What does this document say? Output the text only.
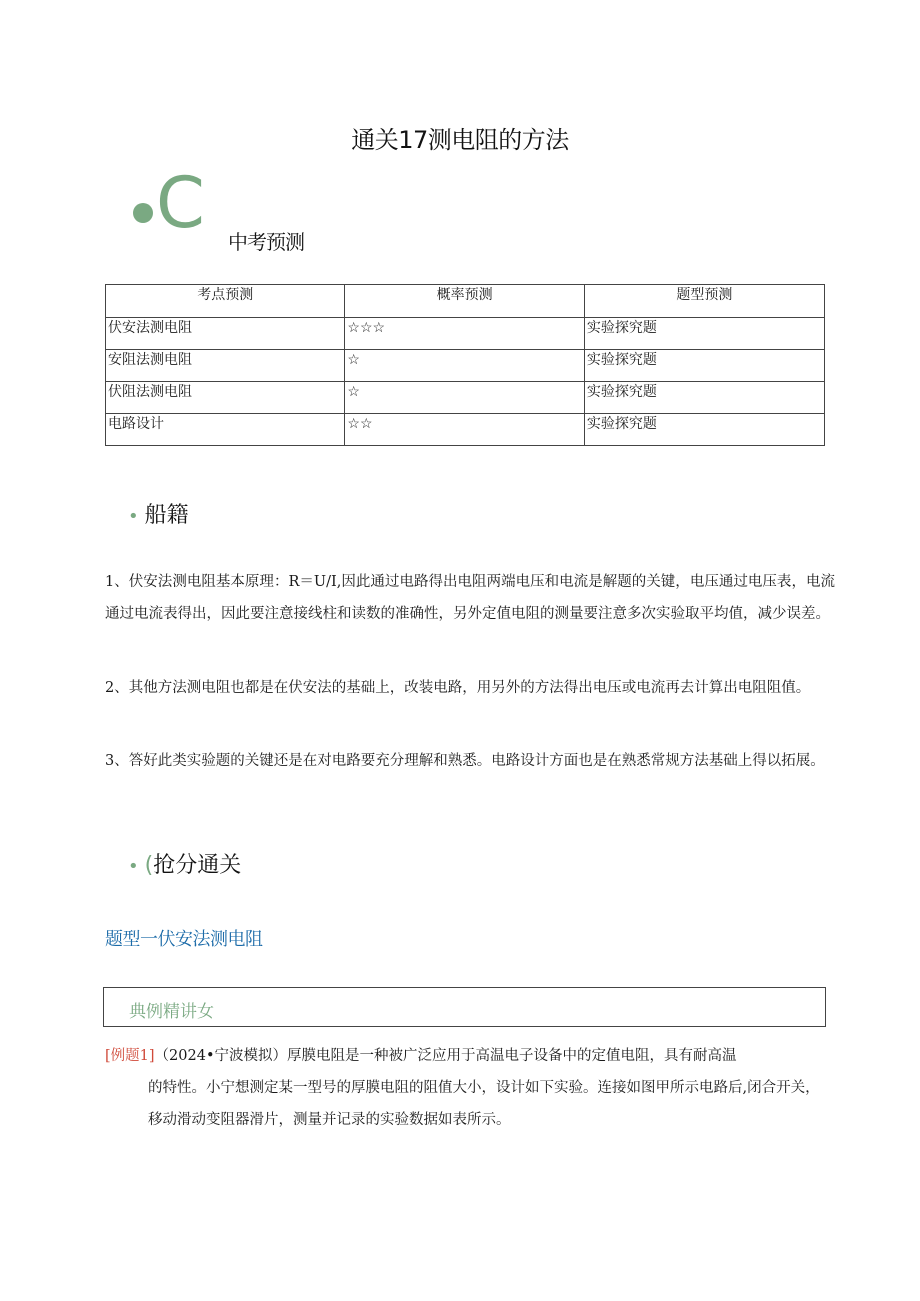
通关17测电阻的方法
C 中考预测
考点预测	概率预测	题型预测
伏安法测电阻	☆☆☆	实验探究题
安阻法测电阻	☆	实验探究题
伏阻法测电阻	☆	实验探究题
电路设计	☆☆	实验探究题
• 船籍
1、伏安法测电阻基本原理：R＝U/I,因此通过电路得出电阻两端电压和电流是解题的关键，电压通过电压表，电流通过电流表得出，因此要注意接线柱和读数的准确性，另外定值电阻的测量要注意多次实验取平均值，减少误差。
2、其他方法测电阻也都是在伏安法的基础上，改装电路，用另外的方法得出电压或电流再去计算出电阻阻值。
3、答好此类实验题的关键还是在对电路要充分理解和熟悉。电路设计方面也是在熟悉常规方法基础上得以拓展。
• (抢分通关
题型一伏安法测电阻
典例精讲女
[例题1]（2024•宁波模拟）厚膜电阻是一种被广泛应用于高温电子设备中的定值电阻，具有耐高温
的特性。小宁想测定某一型号的厚膜电阻的阻值大小，设计如下实验。连接如图甲所示电路后,闭合开关，移动滑动变阻器滑片，测量并记录的实验数据如表所示。
